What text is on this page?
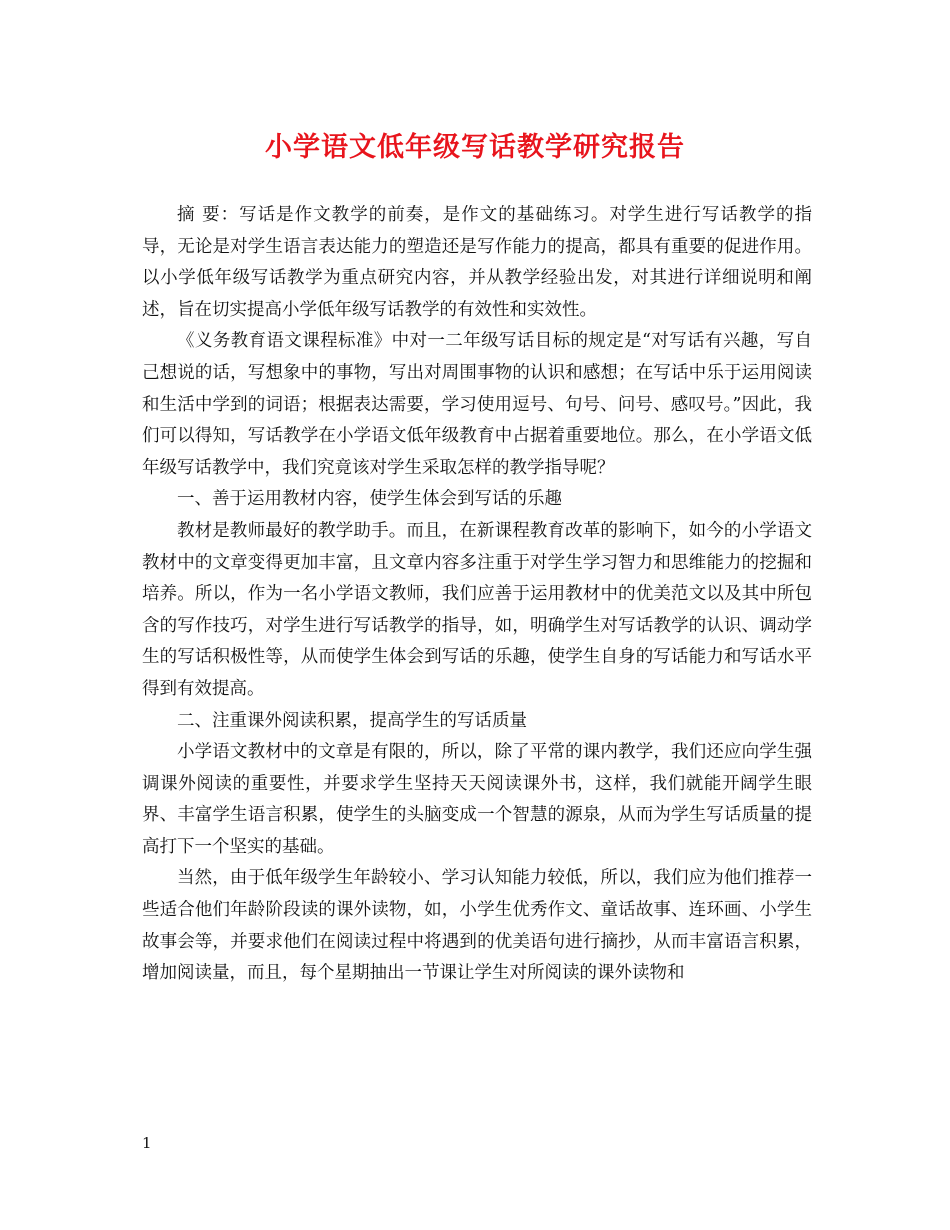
小学语文低年级写话教学研究报告

摘 要：写话是作文教学的前奏，是作文的基础练习。对学生进行写话教学的指导，无论是对学生语言表达能力的塑造还是写作能力的提高，都具有重要的促进作用。以小学低年级写话教学为重点研究内容，并从教学经验出发，对其进行详细说明和阐述，旨在切实提高小学低年级写话教学的有效性和实效性。

《义务教育语文课程标准》中对一二年级写话目标的规定是“对写话有兴趣，写自己想说的话，写想象中的事物，写出对周围事物的认识和感想；在写话中乐于运用阅读和生活中学到的词语；根据表达需要，学习使用逗号、句号、问号、感叹号。”因此，我们可以得知，写话教学在小学语文低年级教育中占据着重要地位。那么，在小学语文低年级写话教学中，我们究竟该对学生采取怎样的教学指导呢？

一、善于运用教材内容，使学生体会到写话的乐趣

教材是教师最好的教学助手。而且，在新课程教育改革的影响下，如今的小学语文教材中的文章变得更加丰富，且文章内容多注重于对学生学习智力和思维能力的挖掘和培养。所以，作为一名小学语文教师，我们应善于运用教材中的优美范文以及其中所包含的写作技巧，对学生进行写话教学的指导，如，明确学生对写话教学的认识、调动学生的写话积极性等，从而使学生体会到写话的乐趣，使学生自身的写话能力和写话水平得到有效提高。

二、注重课外阅读积累，提高学生的写话质量

小学语文教材中的文章是有限的，所以，除了平常的课内教学，我们还应向学生强调课外阅读的重要性，并要求学生坚持天天阅读课外书，这样，我们就能开阔学生眼界、丰富学生语言积累，使学生的头脑变成一个智慧的源泉，从而为学生写话质量的提高打下一个坚实的基础。

当然，由于低年级学生年龄较小、学习认知能力较低，所以，我们应为他们推荐一些适合他们年龄阶段读的课外读物，如，小学生优秀作文、童话故事、连环画、小学生故事会等，并要求他们在阅读过程中将遇到的优美语句进行摘抄，从而丰富语言积累，增加阅读量，而且，每个星期抽出一节课让学生对所阅读的课外读物和

1
